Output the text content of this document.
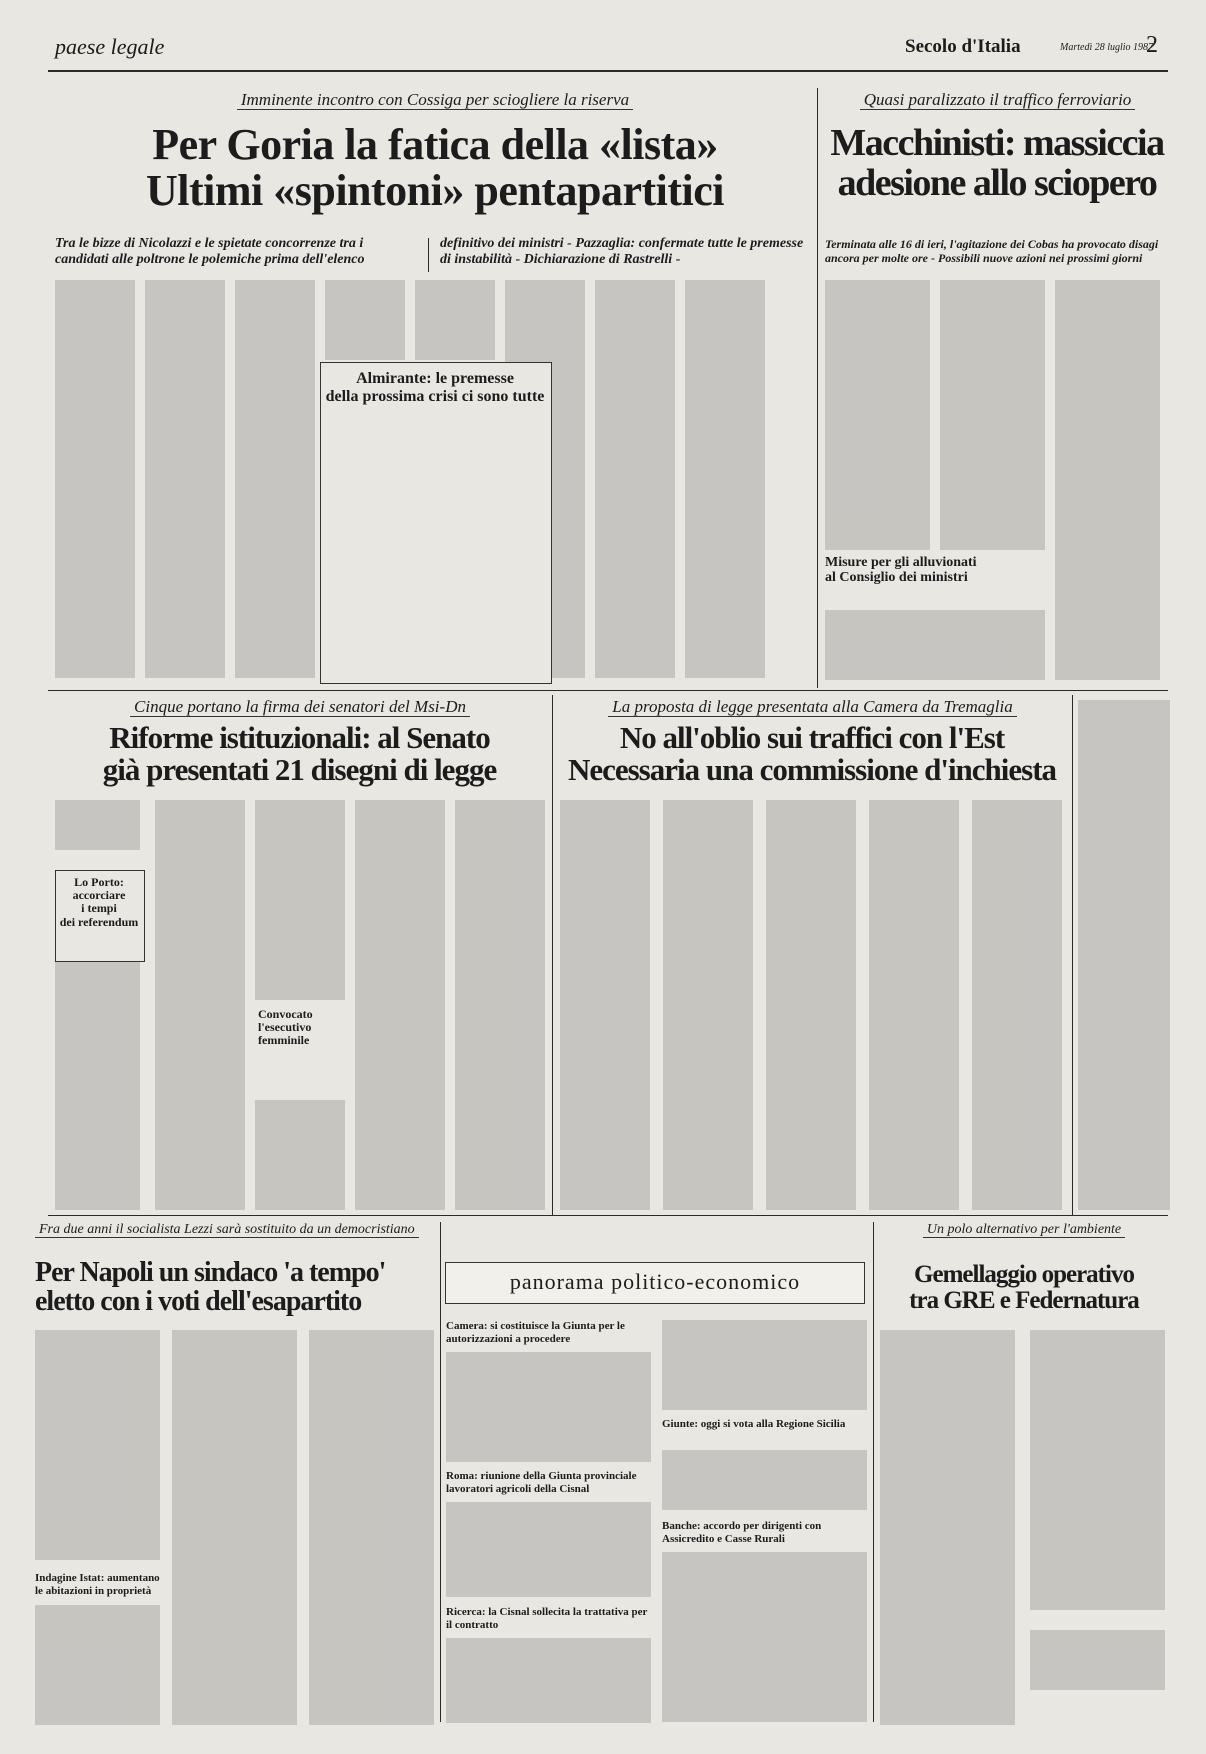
paese legale	Secolo d'Italia	Martedì 28 luglio 1987
2
Imminente incontro con Cossiga per sciogliere la riserva
Per Goria la fatica della «lista»
Ultimi «spintoni» pentapartitici
Tra le bizze di Nicolazzi e le spietate concorrenze tra i candidati alle poltrone le polemiche prima dell'elenco
definitivo dei ministri - Pazzaglia: confermate tutte le premesse di instabilità - Dichiarazione di Rastrelli -
Almirante: le premesse
della prossima crisi ci sono tutte
Quasi paralizzato il traffico ferroviario
Macchinisti: massiccia
adesione allo sciopero
Terminata alle 16 di ieri, l'agitazione dei Cobas ha provocato disagi ancora per molte ore - Possibili nuove azioni nei prossimi giorni
Misure per gli alluvionati
al Consiglio dei ministri
Cinque portano la firma dei senatori del Msi-Dn
Riforme istituzionali: al Senato
già presentati 21 disegni di legge
Lo Porto:
accorciare
i tempi
dei referendum
Convocato
l'esecutivo
femminile
La proposta di legge presentata alla Camera da Tremaglia
No all'oblio sui traffici con l'Est
Necessaria una commissione d'inchiesta
Fra due anni il socialista Lezzi sarà sostituito da un democristiano
Per Napoli un sindaco 'a tempo'
eletto con i voti dell'esapartito
Indagine Istat: aumentano
le abitazioni in proprietà
panorama politico-economico
Camera: si costituisce la Giunta per le autorizzazioni a procedere
Roma: riunione della Giunta provinciale lavoratori agricoli della Cisnal
Ricerca: la Cisnal sollecita la trattativa per il contratto
Giunte: oggi si vota alla Regione Sicilia
Banche: accordo per dirigenti con Assicredito e Casse Rurali
Un polo alternativo per l'ambiente
Gemellaggio operativo
tra GRE e Federnatura
